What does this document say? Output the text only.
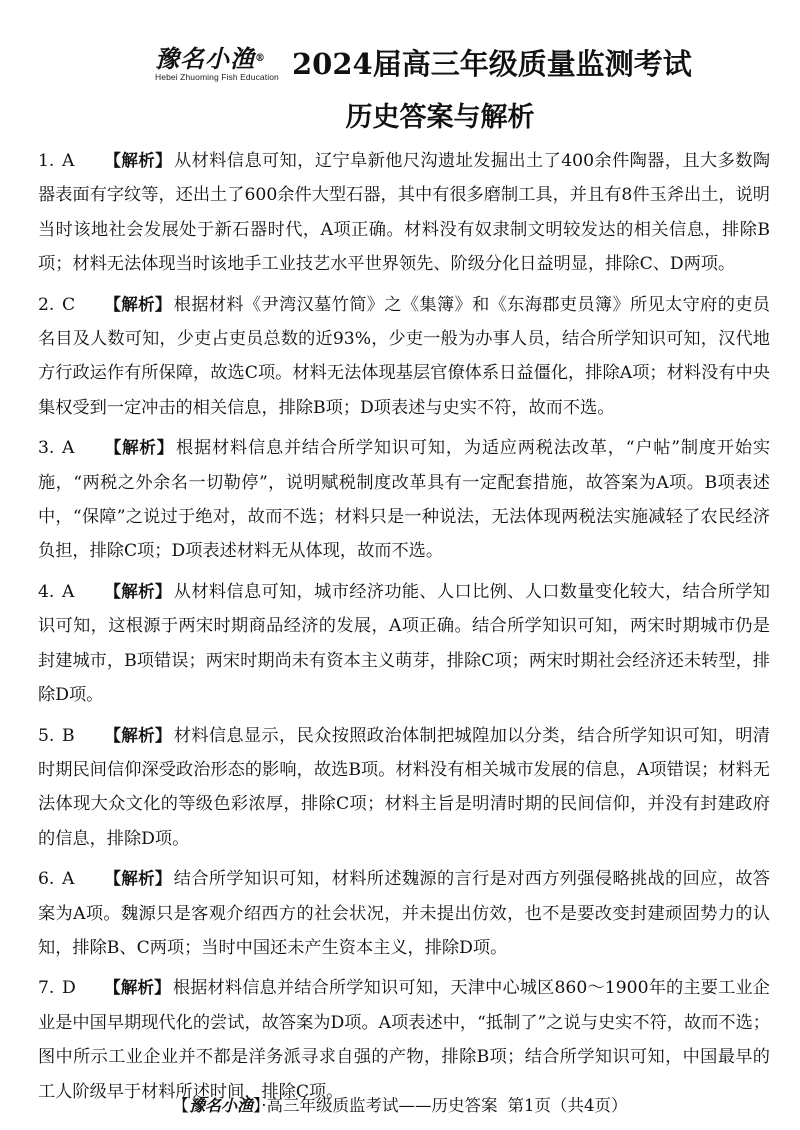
豫名小渔®
Hebei Zhuoming Fish Education 2024届高三年级质量监测考试
历史答案与解析
1. A 【解析】 从材料信息可知，辽宁阜新他尺沟遗址发掘出土了400余件陶器，且大多数陶器表面有字纹等，还出土了600余件大型石器，其中有很多磨制工具，并且有8件玉斧出土，说明当时该地社会发展处于新石器时代，A项正确。材料没有奴隶制文明较发达的相关信息，排除B项；材料无法体现当时该地手工业技艺水平世界领先、阶级分化日益明显，排除C、D两项。
2. C 【解析】 根据材料《尹湾汉墓竹简》之《集簿》和《东海郡吏员簿》所见太守府的吏员名目及人数可知，少吏占吏员总数的近93%，少吏一般为办事人员，结合所学知识可知，汉代地方行政运作有所保障，故选C项。材料无法体现基层官僚体系日益僵化，排除A项；材料没有中央集权受到一定冲击的相关信息，排除B项；D项表述与史实不符，故而不选。
3. A 【解析】 根据材料信息并结合所学知识可知，为适应两税法改革，“户帖”制度开始实施，“两税之外余名一切勒停”，说明赋税制度改革具有一定配套措施，故答案为A项。B项表述中，“保障”之说过于绝对，故而不选；材料只是一种说法，无法体现两税法实施减轻了农民经济负担，排除C项；D项表述材料无从体现，故而不选。
4. A 【解析】 从材料信息可知，城市经济功能、人口比例、人口数量变化较大，结合所学知识可知，这根源于两宋时期商品经济的发展，A项正确。结合所学知识可知，两宋时期城市仍是封建城市，B项错误；两宋时期尚未有资本主义萌芽，排除C项；两宋时期社会经济还未转型，排除D项。
5. B 【解析】 材料信息显示，民众按照政治体制把城隍加以分类，结合所学知识可知，明清时期民间信仰深受政治形态的影响，故选B项。材料没有相关城市发展的信息，A项错误；材料无法体现大众文化的等级色彩浓厚，排除C项；材料主旨是明清时期的民间信仰，并没有封建政府的信息，排除D项。
6. A 【解析】 结合所学知识可知，材料所述魏源的言行是对西方列强侵略挑战的回应，故答案为A项。魏源只是客观介绍西方的社会状况，并未提出仿效，也不是要改变封建顽固势力的认知，排除B、C两项；当时中国还未产生资本主义，排除D项。
7. D 【解析】 根据材料信息并结合所学知识可知，天津中心城区860～1900年的主要工业企业是中国早期现代化的尝试，故答案为D项。A项表述中，“抵制了”之说与史实不符，故而不选；图中所示工业企业并不都是洋务派寻求自强的产物，排除B项；结合所学知识可知，中国最早的工人阶级早于材料所述时间，排除C项。
【豫名小渔】·高三年级质监考试——历史答案 第1页（共4页）
